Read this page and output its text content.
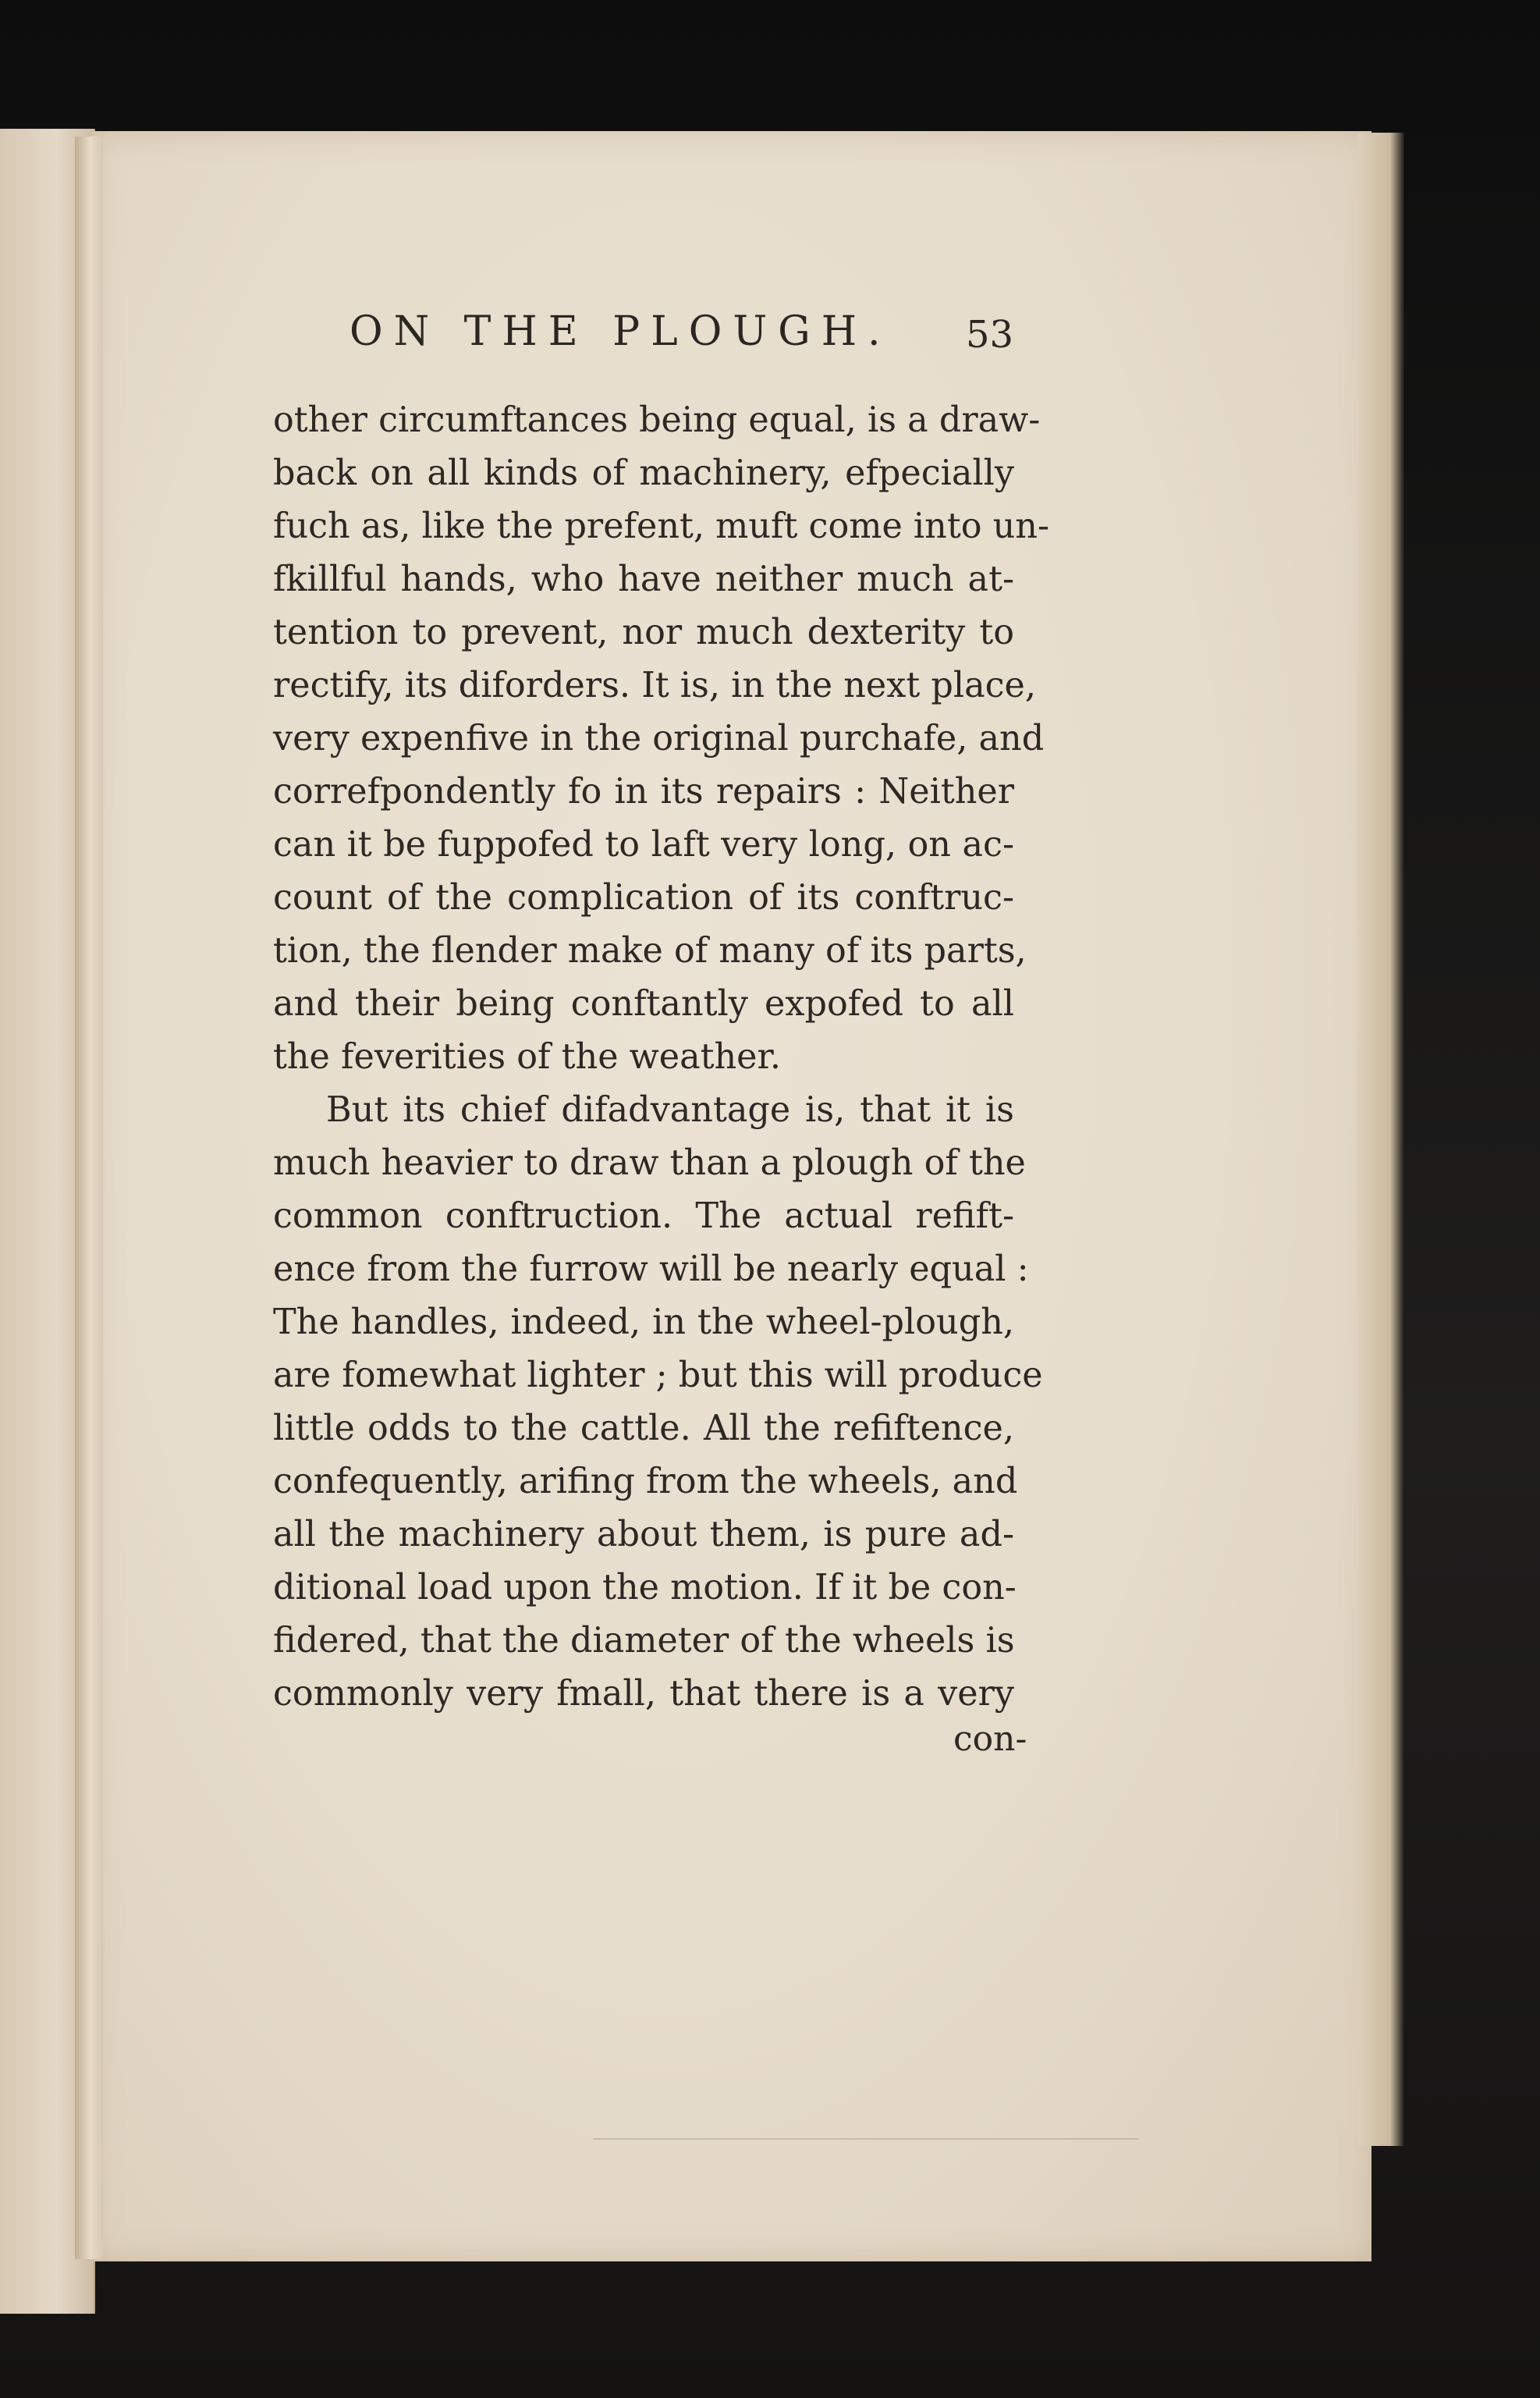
ON THE PLOUGH. 53
other circumftances being equal, is a draw-
back on all kinds of machinery, efpecially
fuch as, like the prefent, muft come into un-
fkillful hands, who have neither much at-
tention to prevent, nor much dexterity to
rectify, its diforders. It is, in the next place,
very expenfive in the original purchafe, and
correfpondently fo in its repairs : Neither
can it be fuppofed to laft very long, on ac-
count of the complication of its conftruc-
tion, the flender make of many of its parts,
and their being conftantly expofed to all
the feverities of the weather.
But its chief difadvantage is, that it is
much heavier to draw than a plough of the
common conftruction. The actual refift-
ence from the furrow will be nearly equal :
The handles, indeed, in the wheel-plough,
are fomewhat lighter ; but this will produce
little odds to the cattle. All the refiftence,
confequently, arifing from the wheels, and
all the machinery about them, is pure ad-
ditional load upon the motion. If it be con-
fidered, that the diameter of the wheels is
commonly very fmall, that there is a very
con-
